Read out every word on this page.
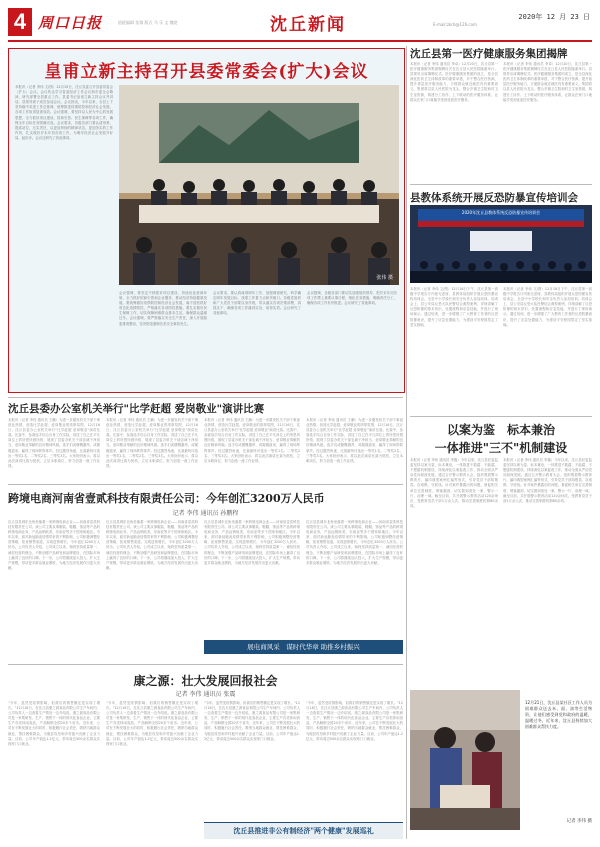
4 周口日报	值班编辑 张翔 版式 马 乐 文 魏宽	沈丘新闻	E-mail:zkrb@126.com
2020年 12 月 23 日
皇甫立新主持召开县委常委会(扩大)会议
本报讯（记者 李伟 文/图）12月15日，沈丘县委召开县委常委会（扩大）会议。会议传达学习省委经济工作会议和市委全会精神，研究部署全县重点工作。县委书记皇甫立新主持会议并讲话。县领导班子成员参加会议。会议指出，今年以来，全县上下坚持稳中求进工作总基调，统筹推进疫情防控和经济社会发展，各项工作取得显著成效。会议强调，要坚持以人民为中心的发展思想，全力抓好项目建设、招商引资、民生保障等各项工作，确保全年目标任务圆满完成。会议要求，各级各部门要认清形势，提高站位，压实责任，以更加昂扬的精神状态、更加务实的工作作风，扎实做好岁末年初各项工作，为明年经济社会发展开好局、起好步。会议还研究了其他事项。
张伟 摄
会议强调，要坚定不移抓好项目建设，持续优化营商环境，全力抓好招商引资和企业服务，推动经济持续健康发展。要统筹做好疫情防控和经济社会发展，毫不放松抓好常态化疫情防控，严格落实各项防控措施。要扎实做好民生保障工作，切实保障困难群众基本生活，确保群众温暖过冬。会议强调，要严格落实安全生产责任，深入开展隐患排查整治，坚决防范遏制各类安全事故发生。
会议要求，要认真谋划明年工作，加强调查研究，科学确定明年发展目标，找准工作着力点和突破口。各级党组织和广大党员干部要以身作则，带头落实各项决策部署，真抓实干，确保各项工作落到实处、取得实效。会议研究了其他事项。
会议强调，各级各部门要切实加强组织领导，把岁末年初各项工作摆上重要议事日程，细化任务措施，明确责任分工，确保各项工作有序推进。会议研究了其他事项。
沈丘县第一医疗健康服务集团揭牌
本报讯（记者 李伟 通讯员 李卓）12月20日，沈丘县第一医疗健康服务集团揭牌仪式在沈丘县人民医院隆重举行。县领导出席揭牌仪式。医疗健康服务集团的成立，是全县深化医药卫生体制改革的重要举措，对于整合医疗资源、提升基层医疗服务能力、方便群众就近就医具有重要意义。集团将以县人民医院为龙头，整合乡镇卫生院和村卫生室资源，构建分工协作、上下联动的医疗服务体系，让群众在家门口就能享受到优质医疗服务。
本报讯（记者 李伟 通讯员 李卓）12月20日，沈丘县第一医疗健康服务集团揭牌仪式在沈丘县人民医院隆重举行。县领导出席揭牌仪式。医疗健康服务集团的成立，是全县深化医药卫生体制改革的重要举措，对于整合医疗资源、提升基层医疗服务能力、方便群众就近就医具有重要意义。集团将以县人民医院为龙头，整合乡镇卫生院和村卫生室资源，构建分工协作、上下联动的医疗服务体系，让群众在家门口就能享受到优质医疗服务。
县教体系统开展反恐防暴宣传培训会
2020年沈丘县教体系统反恐防暴宣传培训会
本报讯（记者 李伟 文/图）12月18日下午，沈丘县第一高级中学报告厅内座无虚席，县教体局组织开展反恐防暴宣传培训会，全县中小学校长和安全负责人参加培训。培训会上，县公安局反恐大队民警结合典型案例，详细讲解了反恐防暴的基本常识、处置流程和应急技能，并进行了现场演示。通过培训，进一步增强了广大教育工作者的反恐防暴意识，提升了应急处置能力，为建设平安校园奠定了坚实基础。
本报讯（记者 李伟 文/图）12月18日下午，沈丘县第一高级中学报告厅内座无虚席，县教体局组织开展反恐防暴宣传培训会，全县中小学校长和安全负责人参加培训。培训会上，县公安局反恐大队民警结合典型案例，详细讲解了反恐防暴的基本常识、处置流程和应急技能，并进行了现场演示。通过培训，进一步增强了广大教育工作者的反恐防暴意识，提升了应急处置能力，为建设平安校园奠定了坚实基础。
以案为鉴　标本兼治
一体推进"三不"机制建设
本报讯（记者 李伟 通讯员 李鑫）今年以来，沈丘县纪委监委坚持以案为鉴、标本兼治，一体推进不敢腐、不能腐、不想腐机制建设，持续深化以案促改工作，推动全面从严治党向纵深发展。通过召开警示教育大会、组织观看警示教育片、编印典型案例汇编等形式，引导党员干部知敬畏、存戒惧、守底线。针对案件暴露出的问题，督促相关单位完善制度、堵塞漏洞，切实做到查处一案、警示一片、治理一域。截至目前，共开展警示教育活动120余场次，受教育党员干部1万余人次，推动完善制度机制80余项。
本报讯（记者 李伟 通讯员 李鑫）今年以来，沈丘县纪委监委坚持以案为鉴、标本兼治，一体推进不敢腐、不能腐、不想腐机制建设，持续深化以案促改工作，推动全面从严治党向纵深发展。通过召开警示教育大会、组织观看警示教育片、编印典型案例汇编等形式，引导党员干部知敬畏、存戒惧、守底线。针对案件暴露出的问题，督促相关单位完善制度、堵塞漏洞，切实做到查处一案、警示一片、治理一域。截至目前，共开展警示教育活动120余场次，受教育党员干部1万余人次，推动完善制度机制80余项。
12月21日，沈丘县某社区工作人员为困难群众送去米、面、油等生活物资，让他们感受到党和政府的温暖，温暖过冬。近年来，沈丘县持续加大困难群众帮扶力度。
记者 李伟 摄
沈丘县委办公室机关举行"比学赶超 爱岗敬业"演讲比赛
本报讯（记者 李伟 通讯员 王鹏）为进一步激发机关干部干事创业热情，营造比学赶超、爱岗敬业的浓厚氛围，12月16日，沈丘县委办公室机关举行"比学赶超 爱岗敬业"演讲比赛。比赛中，参赛选手结合自身工作实际，讲述了自己在平凡岗位上的所思所感所悟，展现了县委办机关干部忠诚干净担当、爱岗敬业奉献的良好精神风貌。选手们或慷慨激昂，或娓娓道来，赢得了现场阵阵掌声。经过激烈角逐，比赛最终评选出一等奖1名、二等奖2名、三等奖3名。大家纷纷表示，将以此次演讲比赛为契机，立足本职岗位，努力创造一流工作业绩。
本报讯（记者 李伟 通讯员 王鹏）为进一步激发机关干部干事创业热情，营造比学赶超、爱岗敬业的浓厚氛围，12月16日，沈丘县委办公室机关举行"比学赶超 爱岗敬业"演讲比赛。比赛中，参赛选手结合自身工作实际，讲述了自己在平凡岗位上的所思所感所悟，展现了县委办机关干部忠诚干净担当、爱岗敬业奉献的良好精神风貌。选手们或慷慨激昂，或娓娓道来，赢得了现场阵阵掌声。经过激烈角逐，比赛最终评选出一等奖1名、二等奖2名、三等奖3名。大家纷纷表示，将以此次演讲比赛为契机，立足本职岗位，努力创造一流工作业绩。
本报讯（记者 李伟 通讯员 王鹏）为进一步激发机关干部干事创业热情，营造比学赶超、爱岗敬业的浓厚氛围，12月16日，沈丘县委办公室机关举行"比学赶超 爱岗敬业"演讲比赛。比赛中，参赛选手结合自身工作实际，讲述了自己在平凡岗位上的所思所感所悟，展现了县委办机关干部忠诚干净担当、爱岗敬业奉献的良好精神风貌。选手们或慷慨激昂，或娓娓道来，赢得了现场阵阵掌声。经过激烈角逐，比赛最终评选出一等奖1名、二等奖2名、三等奖3名。大家纷纷表示，将以此次演讲比赛为契机，立足本职岗位，努力创造一流工作业绩。
本报讯（记者 李伟 通讯员 王鹏）为进一步激发机关干部干事创业热情，营造比学赶超、爱岗敬业的浓厚氛围，12月16日，沈丘县委办公室机关举行"比学赶超 爱岗敬业"演讲比赛。比赛中，参赛选手结合自身工作实际，讲述了自己在平凡岗位上的所思所感所悟，展现了县委办机关干部忠诚干净担当、爱岗敬业奉献的良好精神风貌。选手们或慷慨激昂，或娓娓道来，赢得了现场阵阵掌声。经过激烈角逐，比赛最终评选出一等奖1名、二等奖2名、三等奖3名。大家纷纷表示，将以此次演讲比赛为契机，立足本职岗位，努力创造一流工作业绩。
跨境电商河南省壹贰科技有限责任公司：今年创汇3200万人民币
记者 李伟 通讯员 孙鹏程
沈丘县县城东北角坐落着一家跨境电商企业——河南省壹贰科技有限责任公司。该公司主要从事服装、鞋帽、饰品等产品的跨境电商业务，产品远销欧美、东南亚等多个国家和地区。今年以来，面对新冠肺炎疫情带来的不利影响，公司积极调整经营策略，拓宽销售渠道，实现逆势增长，今年创汇3200万人民币。公司负责人介绍，公司成立以来，始终坚持质量第一、诚信经营的理念，不断加强产品研发和品牌建设，在国际市场上赢得了良好的口碑。下一步，公司将继续加大投入，扩大生产规模，带动更多群众就业增收，为地方经济发展作出更大贡献。
沈丘县县城东北角坐落着一家跨境电商企业——河南省壹贰科技有限责任公司。该公司主要从事服装、鞋帽、饰品等产品的跨境电商业务，产品远销欧美、东南亚等多个国家和地区。今年以来，面对新冠肺炎疫情带来的不利影响，公司积极调整经营策略，拓宽销售渠道，实现逆势增长，今年创汇3200万人民币。公司负责人介绍，公司成立以来，始终坚持质量第一、诚信经营的理念，不断加强产品研发和品牌建设，在国际市场上赢得了良好的口碑。下一步，公司将继续加大投入，扩大生产规模，带动更多群众就业增收，为地方经济发展作出更大贡献。
沈丘县县城东北角坐落着一家跨境电商企业——河南省壹贰科技有限责任公司。该公司主要从事服装、鞋帽、饰品等产品的跨境电商业务，产品远销欧美、东南亚等多个国家和地区。今年以来，面对新冠肺炎疫情带来的不利影响，公司积极调整经营策略，拓宽销售渠道，实现逆势增长，今年创汇3200万人民币。公司负责人介绍，公司成立以来，始终坚持质量第一、诚信经营的理念，不断加强产品研发和品牌建设，在国际市场上赢得了良好的口碑。下一步，公司将继续加大投入，扩大生产规模，带动更多群众就业增收，为地方经济发展作出更大贡献。
沈丘县县城东北角坐落着一家跨境电商企业——河南省壹贰科技有限责任公司。该公司主要从事服装、鞋帽、饰品等产品的跨境电商业务，产品远销欧美、东南亚等多个国家和地区。今年以来，面对新冠肺炎疫情带来的不利影响，公司积极调整经营策略，拓宽销售渠道，实现逆势增长，今年创汇3200万人民币。公司负责人介绍，公司成立以来，始终坚持质量第一、诚信经营的理念，不断加强产品研发和品牌建设，在国际市场上赢得了良好的口碑。下一步，公司将继续加大投入，扩大生产规模，带动更多群众就业增收，为地方经济发展作出更大贡献。
展电商风采　谋时代华章 助推乡村振兴
康之源：壮大发展回报社会
记者 李伟 通讯员 张震
"今年，虽然受疫情影响，但我们的销售额还是实现了增长。"12月16日，在沈丘县康之源食品有限公司生产车间内，公司负责人一边查看生产情况一边介绍说。康之源食品有限公司是一家集研发、生产、销售于一体的现代化食品企业，主要生产各类休闲食品，产品畅销全国20多个省市。近年来，公司在不断发展壮大的同时，积极履行社会责任，吸纳当地群众就业，帮扶困难群众，为脱贫攻坚和乡村振兴贡献了企业力量。目前，公司年产值达1.2亿元，带动周边500余名群众实现家门口就业。
"今年，虽然受疫情影响，但我们的销售额还是实现了增长。"12月16日，在沈丘县康之源食品有限公司生产车间内，公司负责人一边查看生产情况一边介绍说。康之源食品有限公司是一家集研发、生产、销售于一体的现代化食品企业，主要生产各类休闲食品，产品畅销全国20多个省市。近年来，公司在不断发展壮大的同时，积极履行社会责任，吸纳当地群众就业，帮扶困难群众，为脱贫攻坚和乡村振兴贡献了企业力量。目前，公司年产值达1.2亿元，带动周边500余名群众实现家门口就业。
"今年，虽然受疫情影响，但我们的销售额还是实现了增长。"12月16日，在沈丘县康之源食品有限公司生产车间内，公司负责人一边查看生产情况一边介绍说。康之源食品有限公司是一家集研发、生产、销售于一体的现代化食品企业，主要生产各类休闲食品，产品畅销全国20多个省市。近年来，公司在不断发展壮大的同时，积极履行社会责任，吸纳当地群众就业，帮扶困难群众，为脱贫攻坚和乡村振兴贡献了企业力量。目前，公司年产值达1.2亿元，带动周边500余名群众实现家门口就业。
"今年，虽然受疫情影响，但我们的销售额还是实现了增长。"12月16日，在沈丘县康之源食品有限公司生产车间内，公司负责人一边查看生产情况一边介绍说。康之源食品有限公司是一家集研发、生产、销售于一体的现代化食品企业，主要生产各类休闲食品，产品畅销全国20多个省市。近年来，公司在不断发展壮大的同时，积极履行社会责任，吸纳当地群众就业，帮扶困难群众，为脱贫攻坚和乡村振兴贡献了企业力量。目前，公司年产值达1.2亿元，带动周边500余名群众实现家门口就业。
沈丘县推进非公有制经济"两个健康"发展巡礼
